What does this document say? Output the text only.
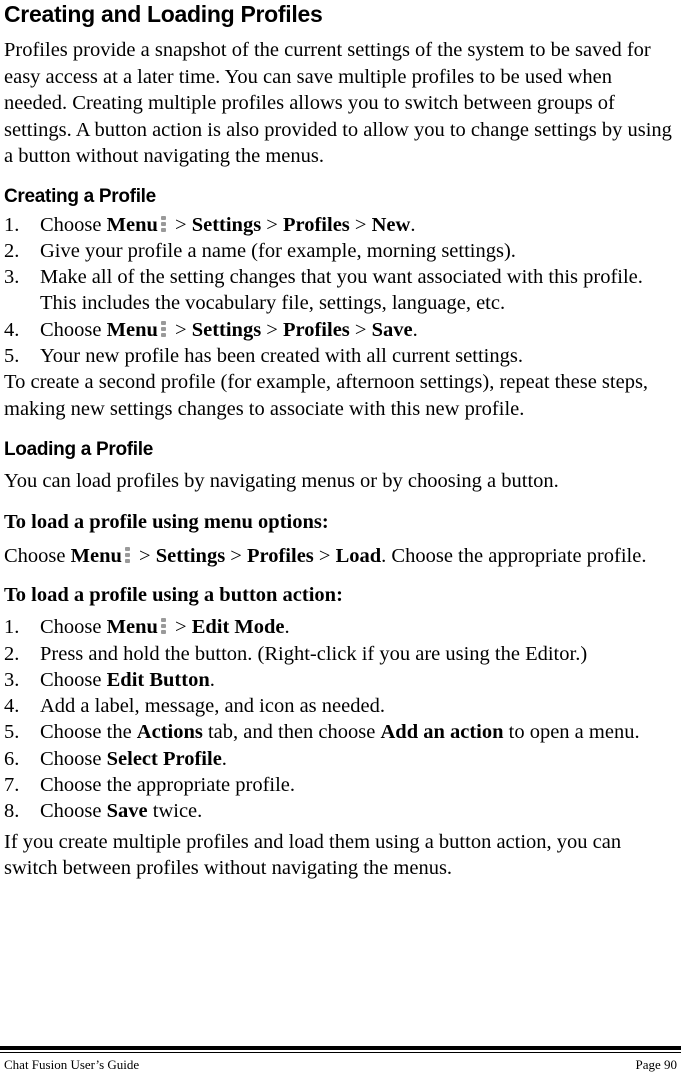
Creating and Loading Profiles

Profiles provide a snapshot of the current settings of the system to be saved for easy access at a later time. You can save multiple profiles to be used when needed. Creating multiple profiles allows you to switch between groups of settings. A button action is also provided to allow you to change settings by using a button without navigating the menus.

Creating a Profile
1. Choose Menu
> Settings > Profiles > New.
2. Give your profile a name (for example, morning settings).
3. Make all of the setting changes that you want associated with this profile. This includes the vocabulary file, settings, language, etc.
4. Choose Menu
> Settings > Profiles > Save.
5. Your new profile has been created with all current settings.

To create a second profile (for example, afternoon settings), repeat these steps, making new settings changes to associate with this new profile.

Loading a Profile

You can load profiles by navigating menus or by choosing a button.

To load a profile using menu options:

Choose Menu
> Settings > Profiles > Load. Choose the appropriate profile.

To load a profile using a button action:

1. Choose Menu
> Edit Mode.
2. Press and hold the button. (Right-click if you are using the Editor.)
3. Choose Edit Button.
4. Add a label, message, and icon as needed.
5. Choose the Actions tab, and then choose Add an action to open a menu.
6. Choose Select Profile.
7. Choose the appropriate profile.
8. Choose Save twice.

If you create multiple profiles and load them using a button action, you can switch between profiles without navigating the menus.

Chat Fusion User’s Guide	Page 90
